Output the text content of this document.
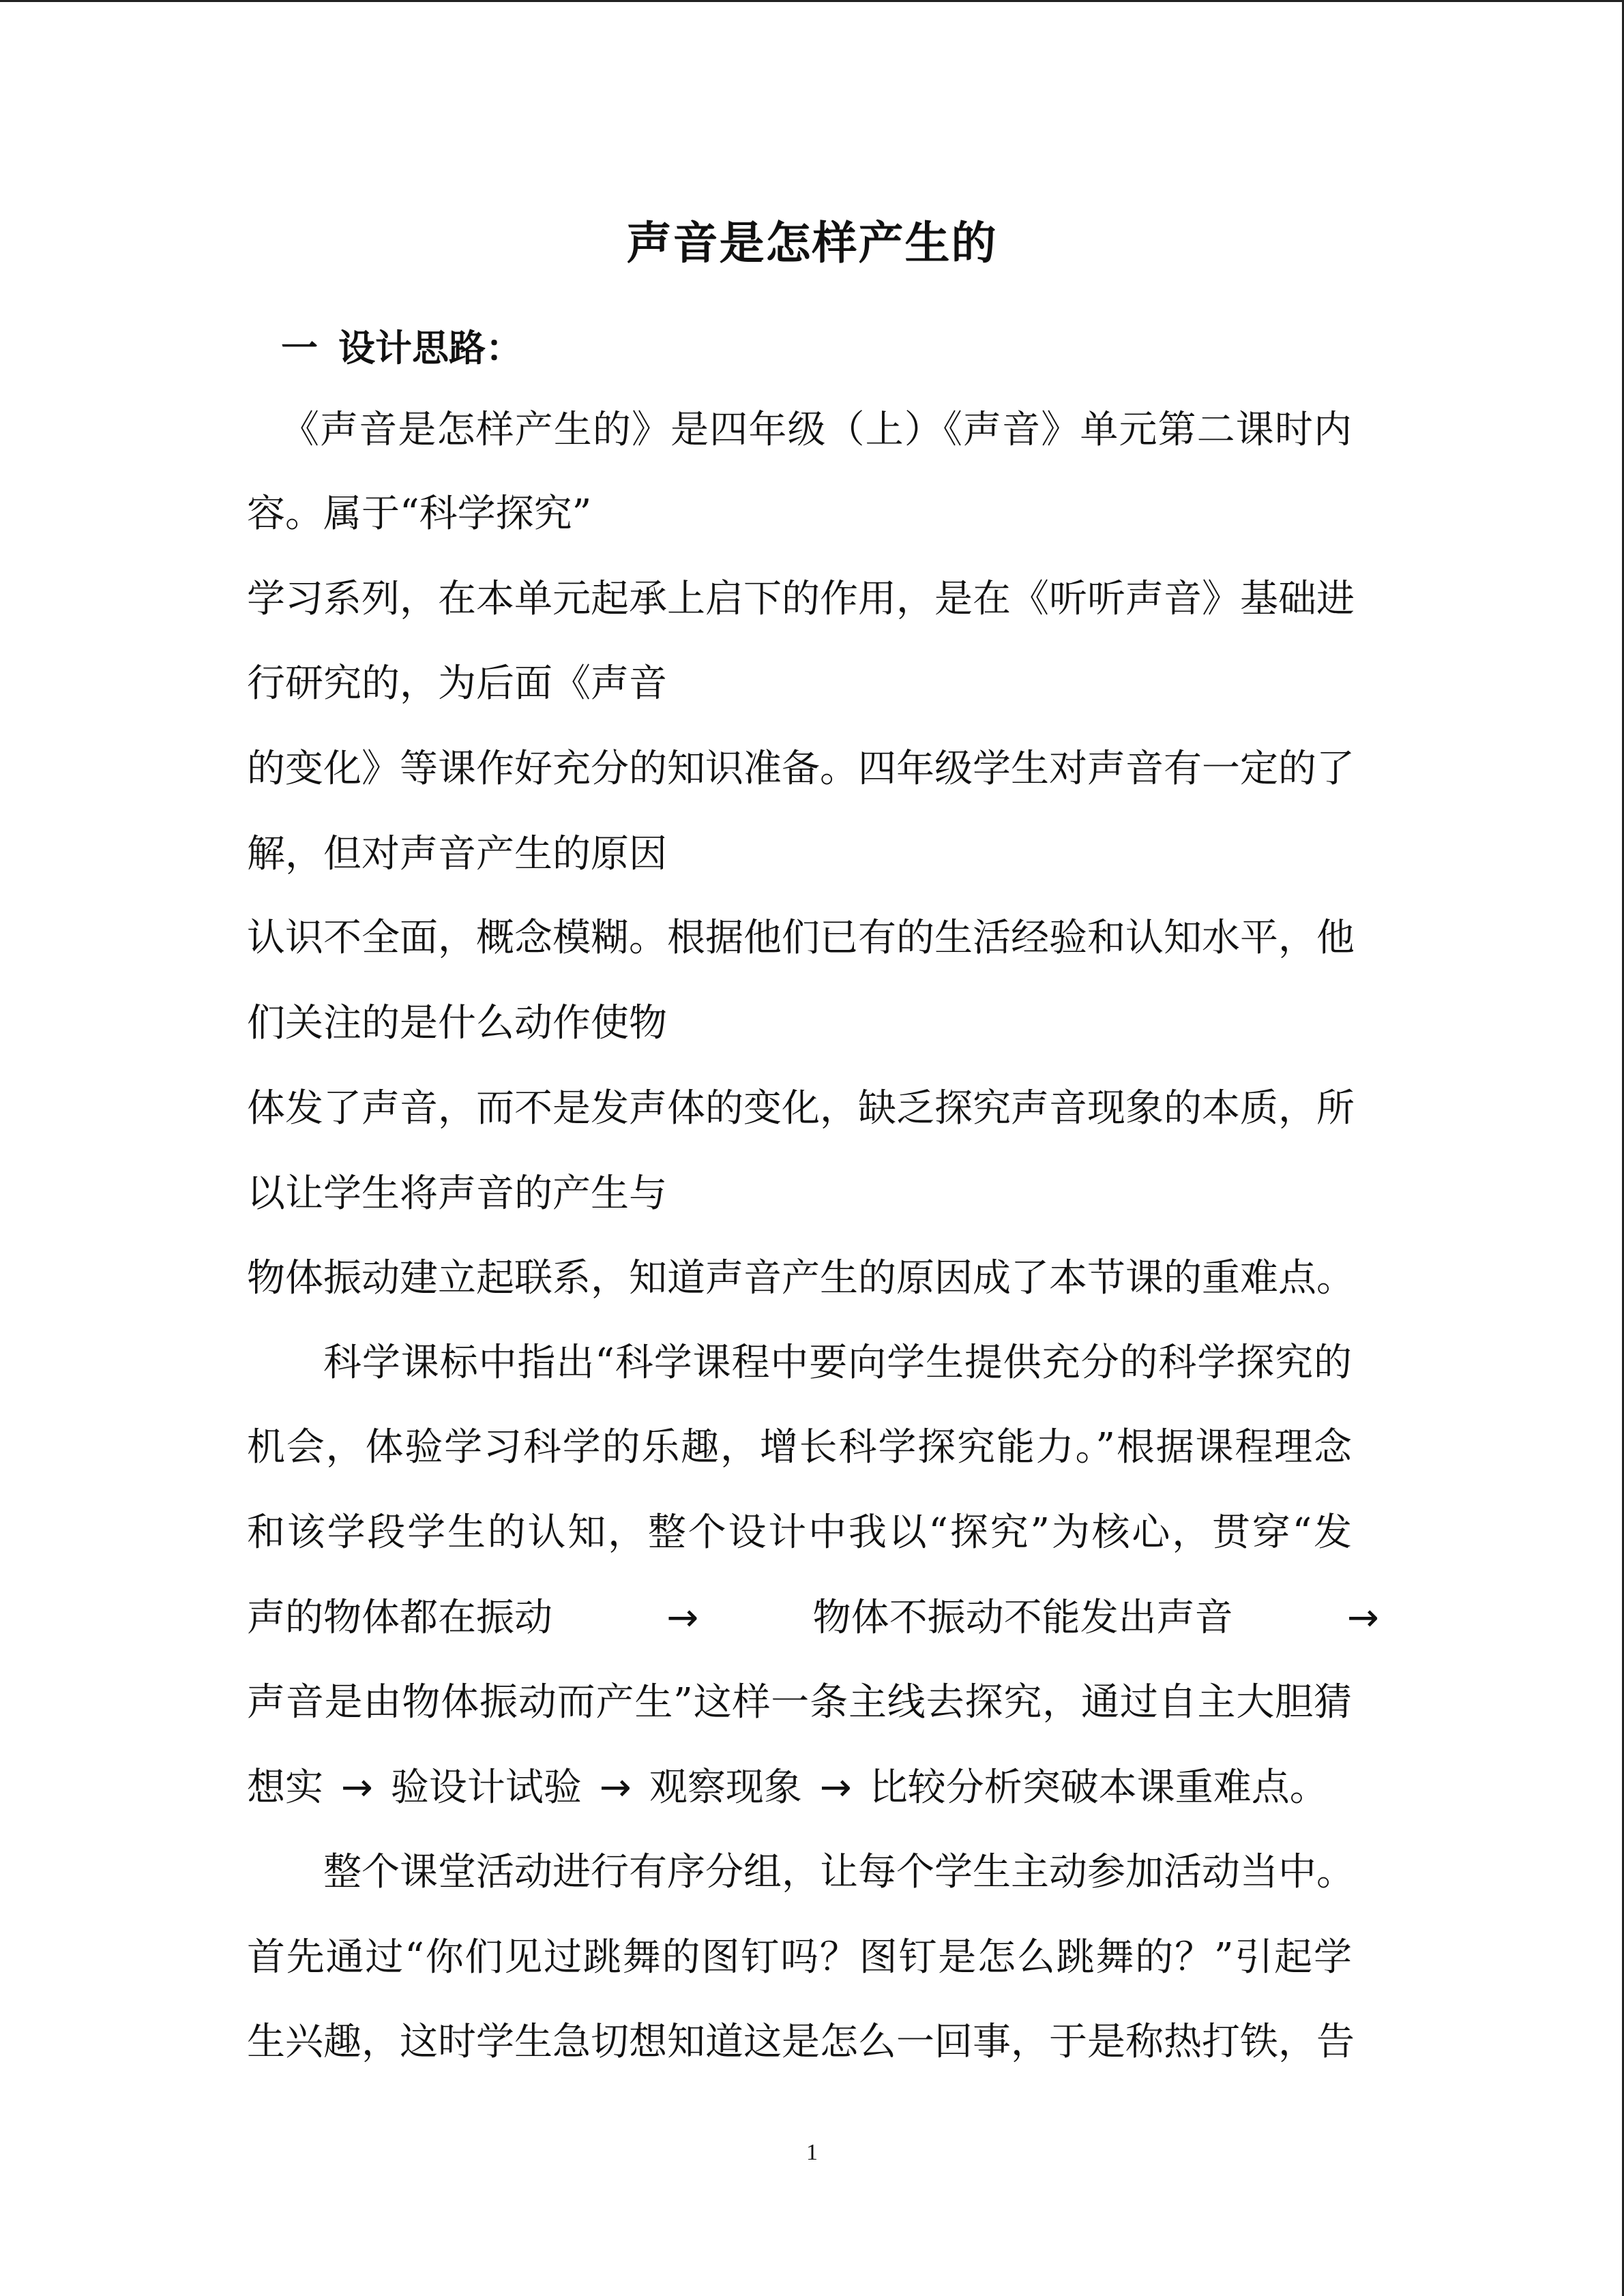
声音是怎样产生的
一 设计思路：
《声音是怎样产生的》是四年级（上）《声音》单元第二课时内
容。属于“科学探究”
学习系列，在本单元起承上启下的作用，是在《听听声音》基础进
行研究的，为后面《声音
的变化》等课作好充分的知识准备。四年级学生对声音有一定的了
解，但对声音产生的原因
认识不全面，概念模糊。根据他们已有的生活经验和认知水平，他
们关注的是什么动作使物
体发了声音，而不是发声体的变化，缺乏探究声音现象的本质，所
以让学生将声音的产生与
物体振动建立起联系，知道声音产生的原因成了本节课的重难点。
科学课标中指出“科学课程中要向学生提供充分的科学探究的
机会，体验学习科学的乐趣，增长科学探究能力。”根据课程理念
和该学段学生的认知，整个设计中我以“探究”为核心，贯穿“发
声的物体都在振动	→	物体不振动不能发出声音	→
声音是由物体振动而产生”这样一条主线去探究，通过自主大胆猜
想实 → 验设计试验 → 观察现象 → 比较分析突破本课重难点。
整个课堂活动进行有序分组，让每个学生主动参加活动当中。
首先通过“你们见过跳舞的图钉吗？图钉是怎么跳舞的？”引起学
生兴趣，这时学生急切想知道这是怎么一回事，于是称热打铁，告
1
